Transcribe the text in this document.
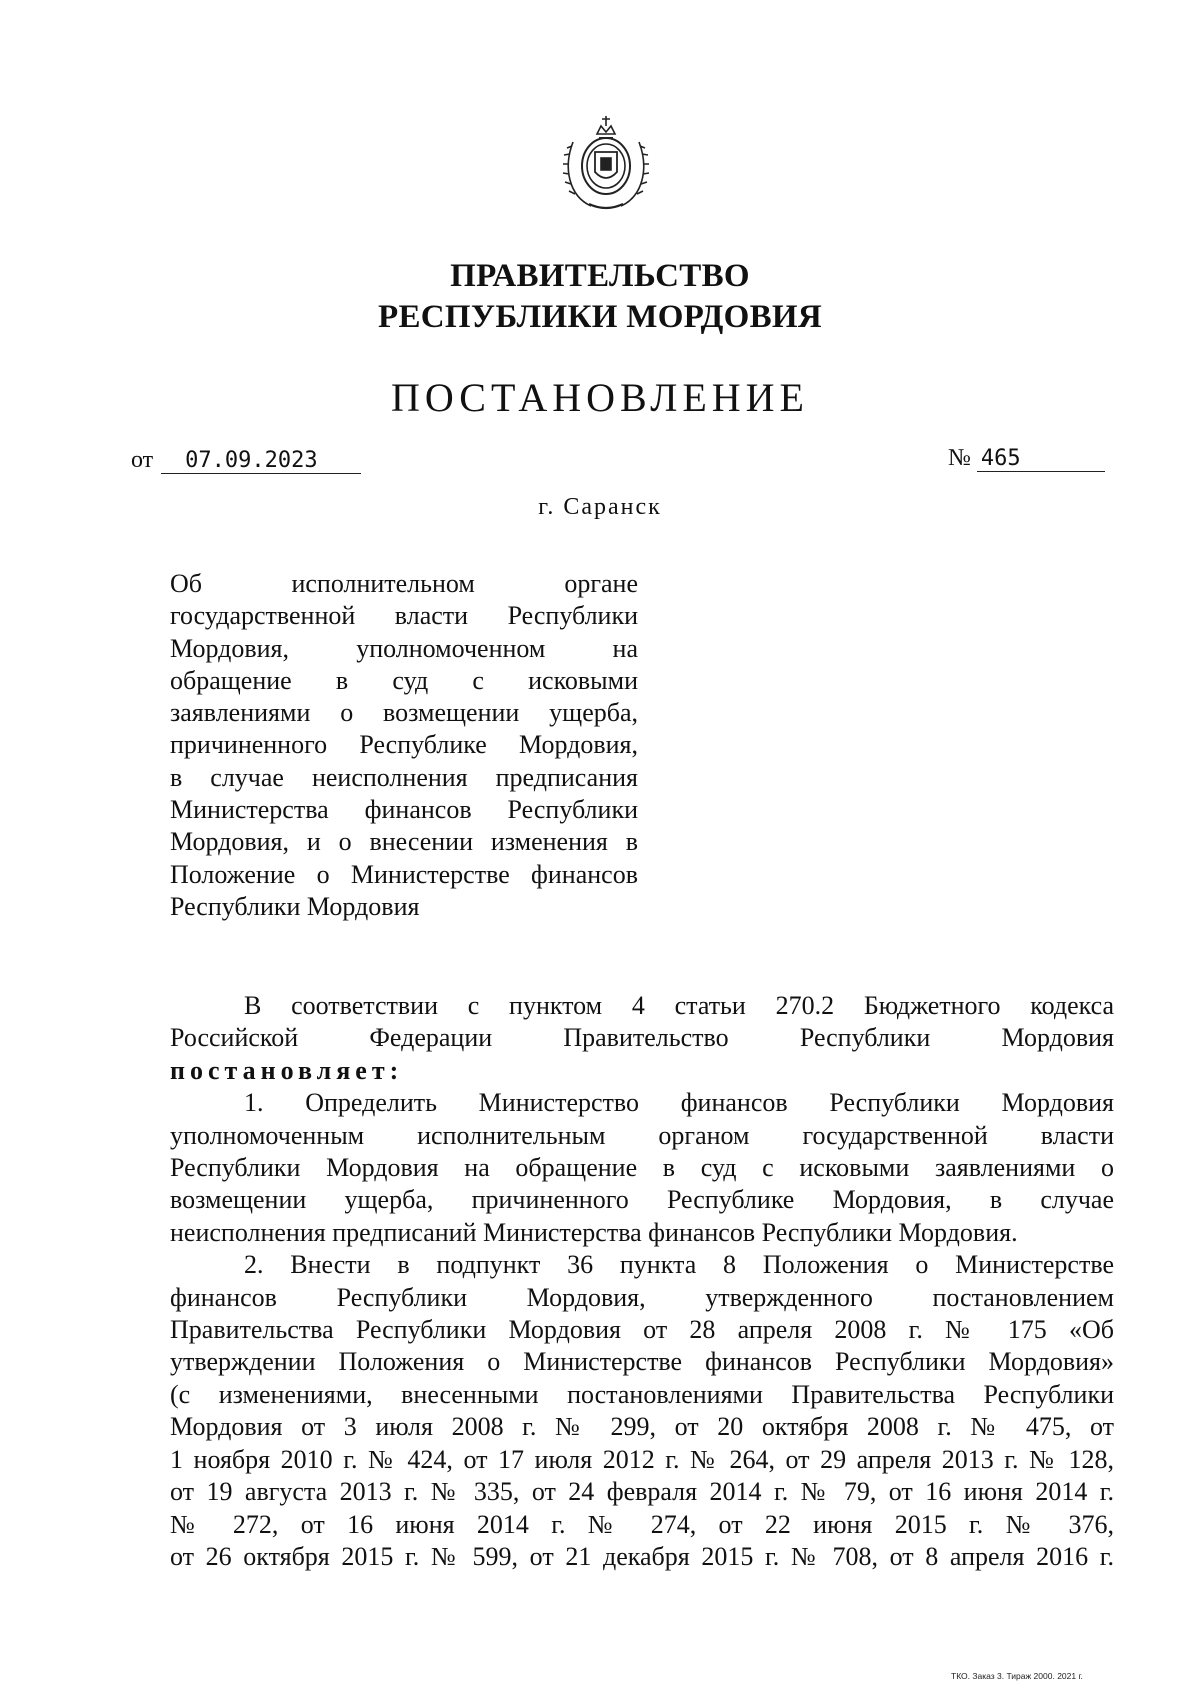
ПРАВИТЕЛЬСТВО
РЕСПУБЛИКИ МОРДОВИЯ
ПОСТАНОВЛЕНИЕ
от 07.09.2023	№ 465
г. Саранск
Об исполнительном органе
государственной власти Республики
Мордовия, уполномоченном на
обращение в суд с исковыми
заявлениями о возмещении ущерба,
причиненного Республике Мордовия,
в случае неисполнения предписания
Министерства финансов Республики
Мордовия, и о внесении изменения в
Положение о Министерстве финансов
Республики Мордовия
В соответствии с пунктом 4 статьи 270.2 Бюджетного кодекса
Российской Федерации Правительство Республики Мордовия
постановляет:
1. Определить Министерство финансов Республики Мордовия
уполномоченным исполнительным органом государственной власти
Республики Мордовия на обращение в суд с исковыми заявлениями о
возмещении ущерба, причиненного Республике Мордовия, в случае
неисполнения предписаний Министерства финансов Республики Мордовия.
2. Внести в подпункт 36 пункта 8 Положения о Министерстве
финансов Республики Мордовия, утвержденного постановлением
Правительства Республики Мордовия от 28 апреля 2008 г. № 175 «Об
утверждении Положения о Министерстве финансов Республики Мордовия»
(с изменениями, внесенными постановлениями Правительства Республики
Мордовия от 3 июля 2008 г. № 299, от 20 октября 2008 г. № 475, от
1 ноября 2010 г. № 424, от 17 июля 2012 г. № 264, от 29 апреля 2013 г. № 128,
от 19 августа 2013 г. № 335, от 24 февраля 2014 г. № 79, от 16 июня 2014 г.
№ 272, от 16 июня 2014 г. № 274, от 22 июня 2015 г. № 376,
от 26 октября 2015 г. № 599, от 21 декабря 2015 г. № 708, от 8 апреля 2016 г.
ТКО. Заказ 3. Тираж 2000. 2021 г.
